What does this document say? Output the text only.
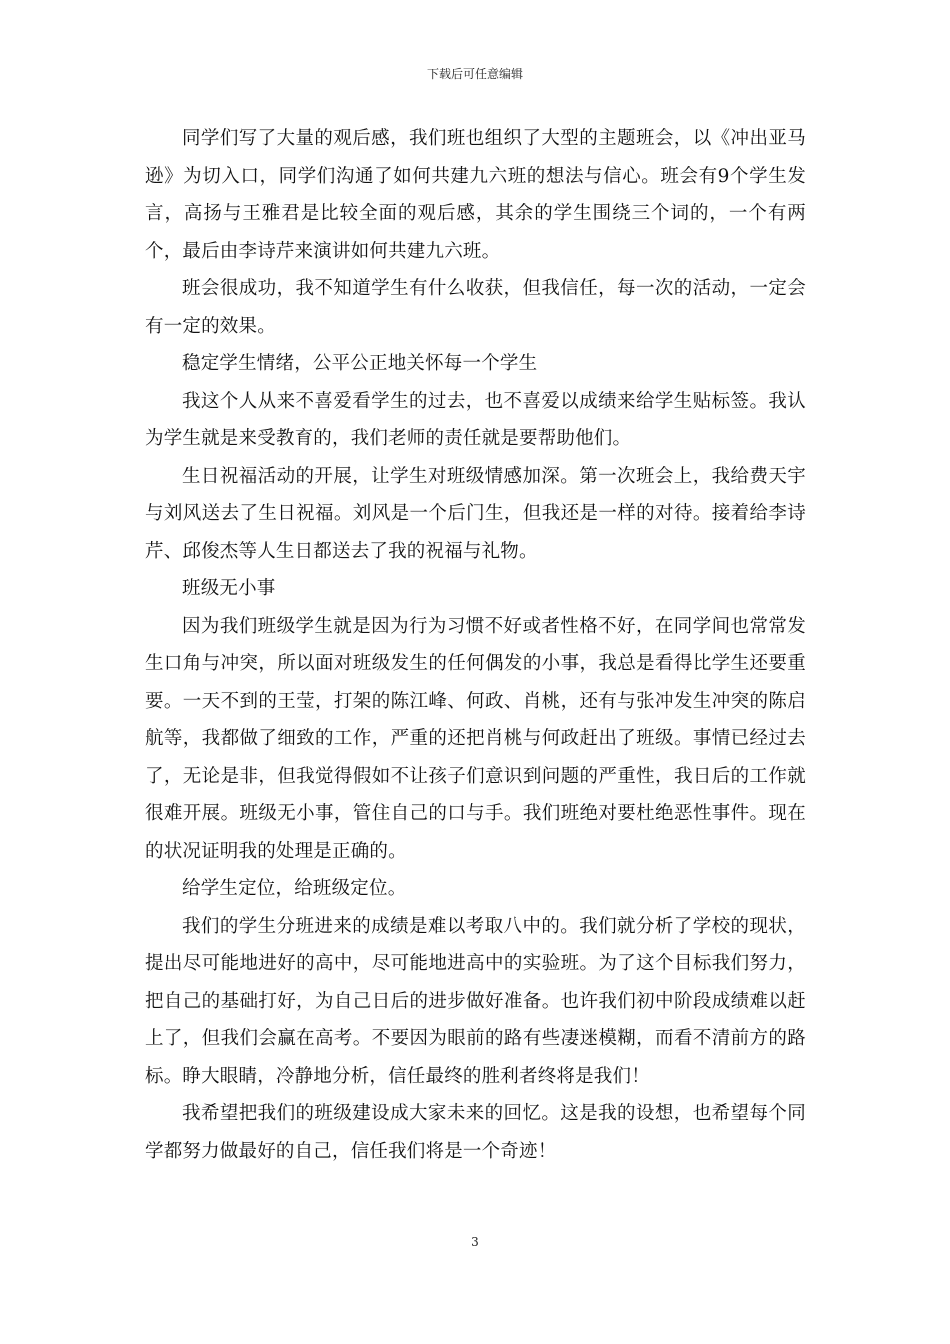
下载后可任意编辑

同学们写了大量的观后感，我们班也组织了大型的主题班会，以《冲出亚马逊》为切入口，同学们沟通了如何共建九六班的想法与信心。班会有9个学生发言，高扬与王雅君是比较全面的观后感，其余的学生围绕三个词的，一个有两个，最后由李诗芹来演讲如何共建九六班。

班会很成功，我不知道学生有什么收获，但我信任，每一次的活动，一定会有一定的效果。

稳定学生情绪，公平公正地关怀每一个学生

我这个人从来不喜爱看学生的过去，也不喜爱以成绩来给学生贴标签。我认为学生就是来受教育的，我们老师的责任就是要帮助他们。

生日祝福活动的开展，让学生对班级情感加深。第一次班会上，我给费天宇与刘风送去了生日祝福。刘风是一个后门生，但我还是一样的对待。接着给李诗芹、邱俊杰等人生日都送去了我的祝福与礼物。

班级无小事

因为我们班级学生就是因为行为习惯不好或者性格不好，在同学间也常常发生口角与冲突，所以面对班级发生的任何偶发的小事，我总是看得比学生还要重要。一天不到的王莹，打架的陈江峰、何政、肖桃，还有与张冲发生冲突的陈启航等，我都做了细致的工作，严重的还把肖桃与何政赶出了班级。事情已经过去了，无论是非，但我觉得假如不让孩子们意识到问题的严重性，我日后的工作就很难开展。班级无小事，管住自己的口与手。我们班绝对要杜绝恶性事件。现在的状况证明我的处理是正确的。

给学生定位，给班级定位。

我们的学生分班进来的成绩是难以考取八中的。我们就分析了学校的现状，提出尽可能地进好的高中，尽可能地进高中的实验班。为了这个目标我们努力，把自己的基础打好，为自己日后的进步做好准备。也许我们初中阶段成绩难以赶上了，但我们会赢在高考。不要因为眼前的路有些凄迷模糊，而看不清前方的路标。睁大眼睛，冷静地分析，信任最终的胜利者终将是我们！

我希望把我们的班级建设成大家未来的回忆。这是我的设想，也希望每个同学都努力做最好的自己，信任我们将是一个奇迹！

3
